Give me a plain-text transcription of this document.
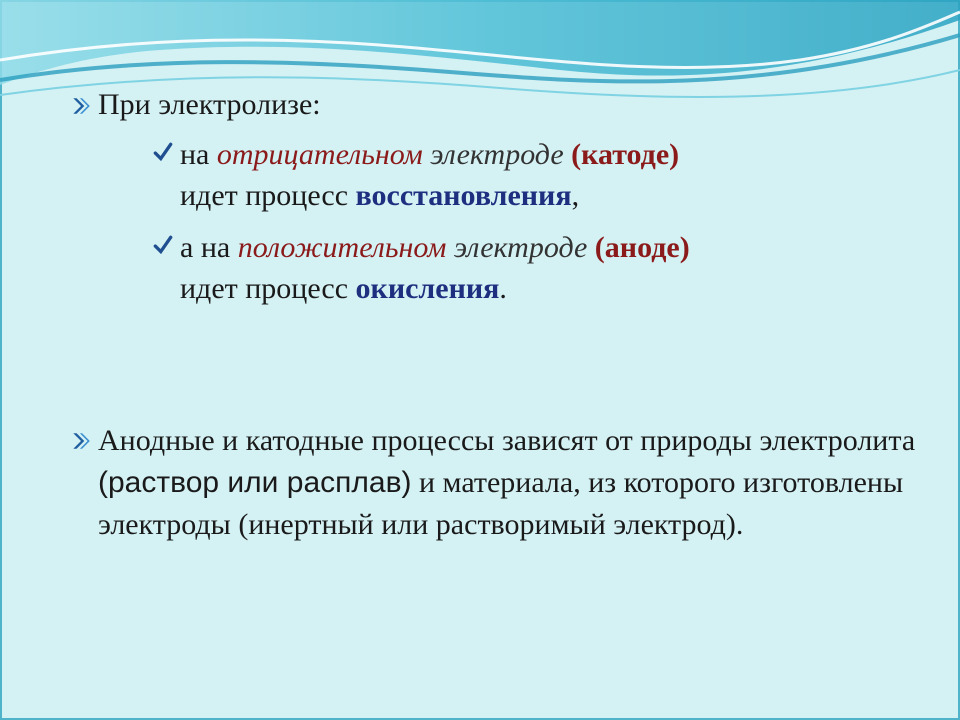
При электролизе:
на отрицательном электроде (катоде)
идет процесс восстановления,
а на положительном электроде (аноде)
идет процесс окисления.
Анодные и катодные процессы зависят от природы электролита (раствор или расплав) и материала, из которого изготовлены электроды (инертный или растворимый электрод).
